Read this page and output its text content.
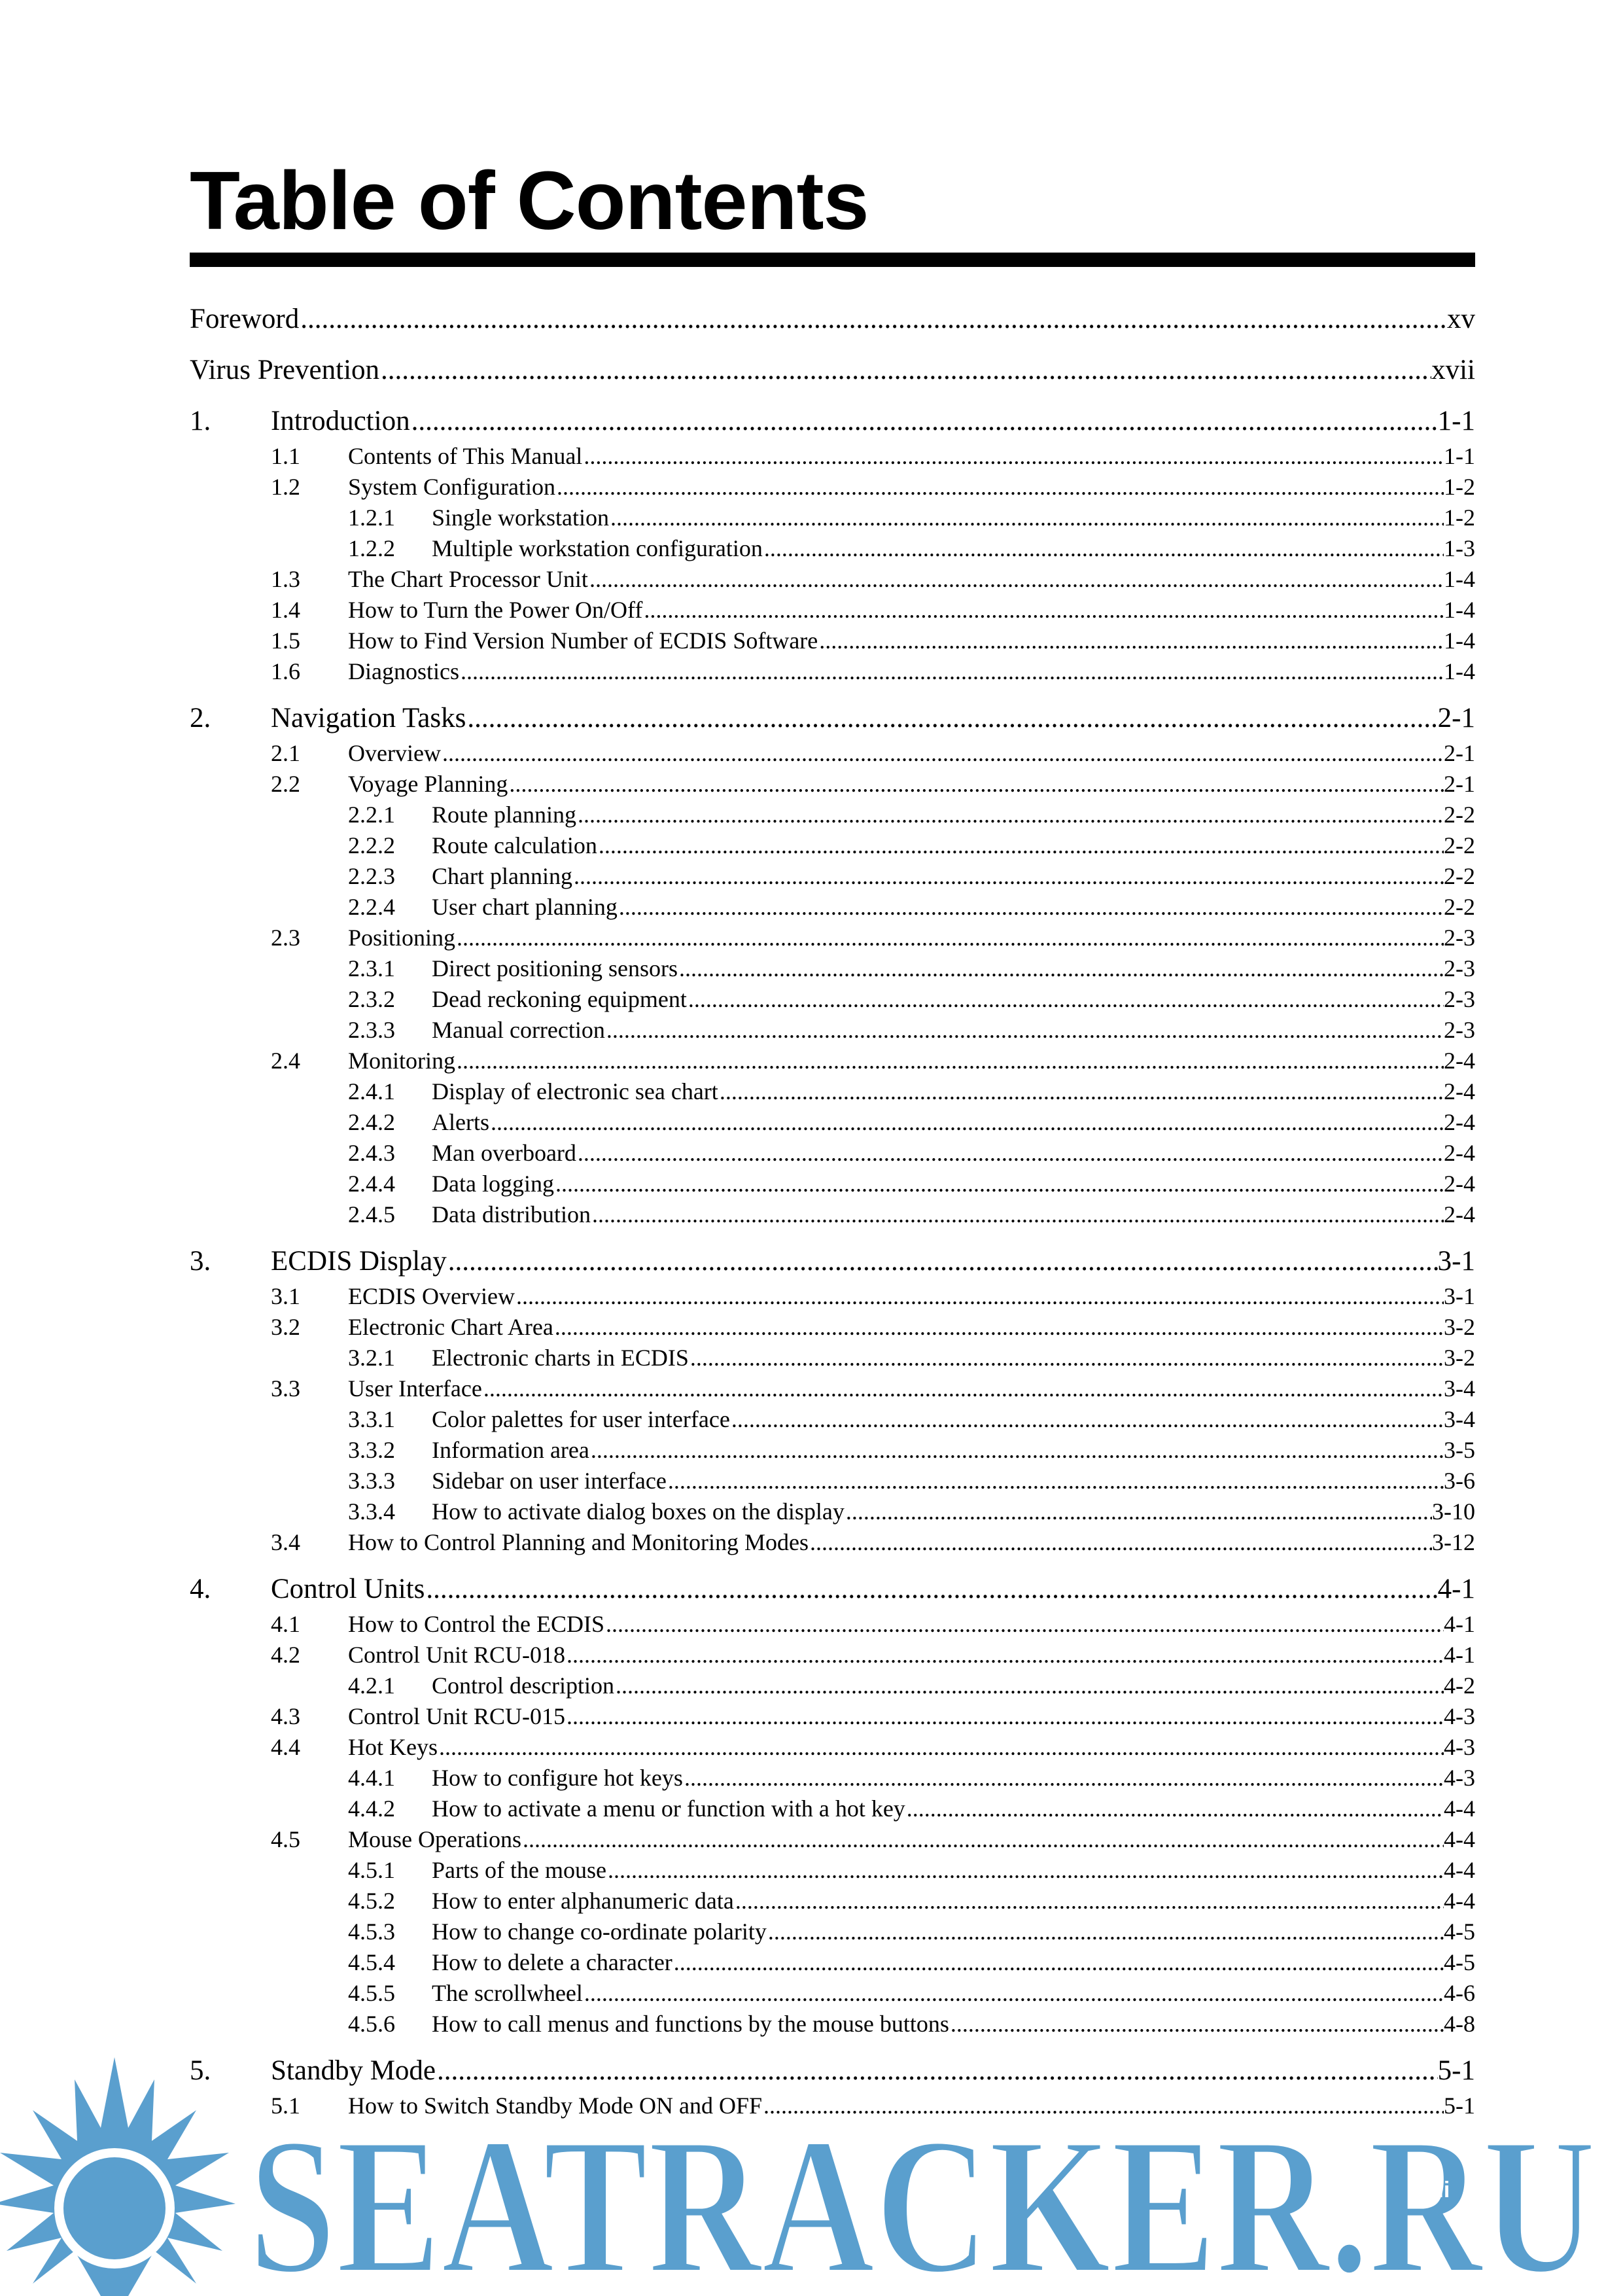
Table of Contents
Foreword .....	xv
Virus Prevention .....	xvii
1. Introduction .....	1-1
1.1 Contents of This Manual .....	1-1
1.2 System Configuration .....	1-2
1.2.1 Single workstation .....	1-2
1.2.2 Multiple workstation configuration .....	1-3
1.3 The Chart Processor Unit .....	1-4
1.4 How to Turn the Power On/Off .....	1-4
1.5 How to Find Version Number of ECDIS Software .....	1-4
1.6 Diagnostics .....	1-4
2. Navigation Tasks .....	2-1
2.1 Overview .....	2-1
2.2 Voyage Planning .....	2-1
2.2.1 Route planning .....	2-2
2.2.2 Route calculation .....	2-2
2.2.3 Chart planning .....	2-2
2.2.4 User chart planning .....	2-2
2.3 Positioning .....	2-3
2.3.1 Direct positioning sensors .....	2-3
2.3.2 Dead reckoning equipment .....	2-3
2.3.3 Manual correction .....	2-3
2.4 Monitoring .....	2-4
2.4.1 Display of electronic sea chart .....	2-4
2.4.2 Alerts .....	2-4
2.4.3 Man overboard .....	2-4
2.4.4 Data logging .....	2-4
2.4.5 Data distribution .....	2-4
3. ECDIS Display .....	3-1
3.1 ECDIS Overview .....	3-1
3.2 Electronic Chart Area .....	3-2
3.2.1 Electronic charts in ECDIS .....	3-2
3.3 User Interface .....	3-4
3.3.1 Color palettes for user interface .....	3-4
3.3.2 Information area .....	3-5
3.3.3 Sidebar on user interface .....	3-6
3.3.4 How to activate dialog boxes on the display .....	3-10
3.4 How to Control Planning and Monitoring Modes .....	3-12
4. Control Units .....	4-1
4.1 How to Control the ECDIS .....	4-1
4.2 Control Unit RCU-018 .....	4-1
4.2.1 Control description .....	4-2
4.3 Control Unit RCU-015 .....	4-3
4.4 Hot Keys .....	4-3
4.4.1 How to configure hot keys .....	4-3
4.4.2 How to activate a menu or function with a hot key .....	4-4
4.5 Mouse Operations .....	4-4
4.5.1 Parts of the mouse .....	4-4
4.5.2 How to enter alphanumeric data .....	4-4
4.5.3 How to change co-ordinate polarity .....	4-5
4.5.4 How to delete a character .....	4-5
4.5.5 The scrollwheel .....	4-6
4.5.6 How to call menus and functions by the mouse buttons .....	4-8
5. Standby Mode .....	5-1
5.1 How to Switch Standby Mode ON and OFF .....	5-1
SEATRACKER.RU
iii
